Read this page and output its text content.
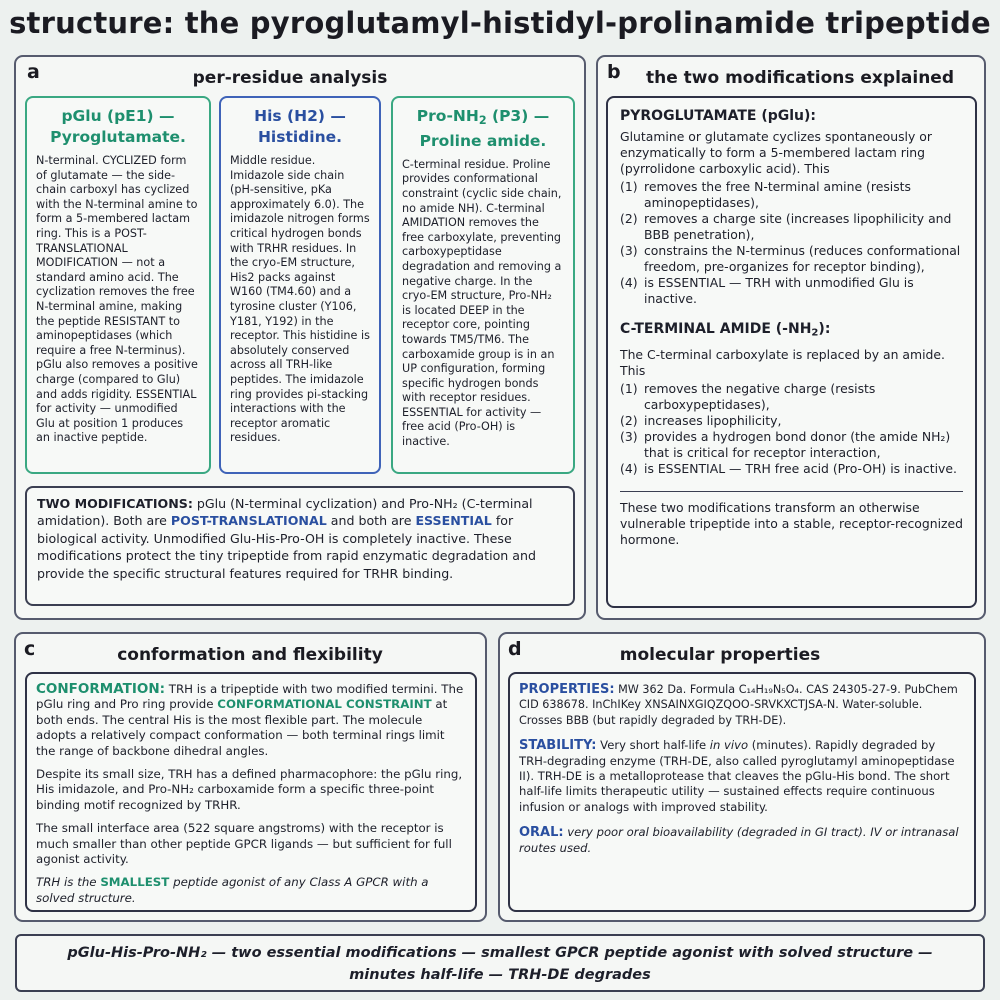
structure: the pyroglutamyl-histidyl-prolinamide tripeptide
a	per-residue analysis
pGlu (pE1) — Pyroglutamate.
N-terminal. CYCLIZED form of glutamate — the side-chain carboxyl has cyclized with the N-terminal amine to form a 5-membered lactam ring. This is a POST-TRANSLATIONAL MODIFICATION — not a standard amino acid. The cyclization removes the free N-terminal amine, making the peptide RESISTANT to aminopeptidases (which require a free N-terminus). pGlu also removes a positive charge (compared to Glu) and adds rigidity. ESSENTIAL for activity — unmodified Glu at position 1 produces an inactive peptide.
His (H2) — Histidine.
Middle residue. Imidazole side chain (pH-sensitive, pKa approximately 6.0). The imidazole nitrogen forms critical hydrogen bonds with TRHR residues. In the cryo-EM structure, His2 packs against W160 (TM4.60) and a tyrosine cluster (Y106, Y181, Y192) in the receptor. This histidine is absolutely conserved across all TRH-like peptides. The imidazole ring provides pi-stacking interactions with the receptor aromatic residues.
Pro-$NH_2$ (P3) — Proline amide.
C-terminal residue. Proline provides conformational constraint (cyclic side chain, no amide NH). C-terminal AMIDATION removes the free carboxylate, preventing carboxypeptidase degradation and removing a negative charge. In the cryo-EM structure, Pro-NH₂ is located DEEP in the receptor core, pointing towards TM5/TM6. The carboxamide group is in an UP configuration, forming specific hydrogen bonds with receptor residues. ESSENTIAL for activity — free acid (Pro-OH) is inactive.
TWO MODIFICATIONS: pGlu (N-terminal cyclization) and Pro-NH₂ (C-terminal amidation). Both are POST-TRANSLATIONAL and both are ESSENTIAL for biological activity. Unmodified Glu-His-Pro-OH is completely inactive. These modifications protect the tiny tripeptide from rapid enzymatic degradation and provide the specific structural features required for TRHR binding.
b	the two modifications explained
PYROGLUTAMATE (pGlu):
Glutamine or glutamate cyclizes spontaneously or enzymatically to form a 5-membered lactam ring (pyrrolidone carboxylic acid). This
(1) removes the free N-terminal amine (resists aminopeptidases),
(2) removes a charge site (increases lipophilicity and BBB penetration),
(3) constrains the N-terminus (reduces conformational freedom, pre-organizes for receptor binding),
(4) is ESSENTIAL — TRH with unmodified Glu is inactive.
C-TERMINAL AMIDE $(-NH_2)$:
The C-terminal carboxylate is replaced by an amide. This
(1) removes the negative charge (resists carboxypeptidases),
(2) increases lipophilicity,
(3) provides a hydrogen bond donor (the amide NH₂) that is critical for receptor interaction,
(4) is ESSENTIAL — TRH free acid (Pro-OH) is inactive.
These two modifications transform an otherwise vulnerable tripeptide into a stable, receptor-recognized hormone.
c	conformation and flexibility
CONFORMATION: TRH is a tripeptide with two modified termini. The pGlu ring and Pro ring provide CONFORMATIONAL CONSTRAINT at both ends. The central His is the most flexible part. The molecule adopts a relatively compact conformation — both terminal rings limit the range of backbone dihedral angles.
Despite its small size, TRH has a defined pharmacophore: the pGlu ring, His imidazole, and Pro-NH₂ carboxamide form a specific three-point binding motif recognized by TRHR.
The small interface area (522 square angstroms) with the receptor is much smaller than other peptide GPCR ligands — but sufficient for full agonist activity.
TRH is the SMALLEST peptide agonist of any Class A GPCR with a solved structure.
d	molecular properties
PROPERTIES: MW 362 Da. Formula C₁₄H₁₉N₅O₄. CAS 24305-27-9. PubChem CID 638678. InChIKey XNSAINXGIQZQOO-SRVKXCTJSA-N. Water-soluble. Crosses BBB (but rapidly degraded by TRH-DE).
STABILITY: Very short half-life in vivo (minutes). Rapidly degraded by TRH-degrading enzyme (TRH-DE, also called pyroglutamyl aminopeptidase II). TRH-DE is a metalloprotease that cleaves the pGlu-His bond. The short half-life limits therapeutic utility — sustained effects require continuous infusion or analogs with improved stability.
ORAL: very poor oral bioavailability (degraded in GI tract). IV or intranasal routes used.
pGlu-His-Pro-NH₂ — two essential modifications — smallest GPCR peptide agonist with solved structure —
minutes half-life — TRH-DE degrades
